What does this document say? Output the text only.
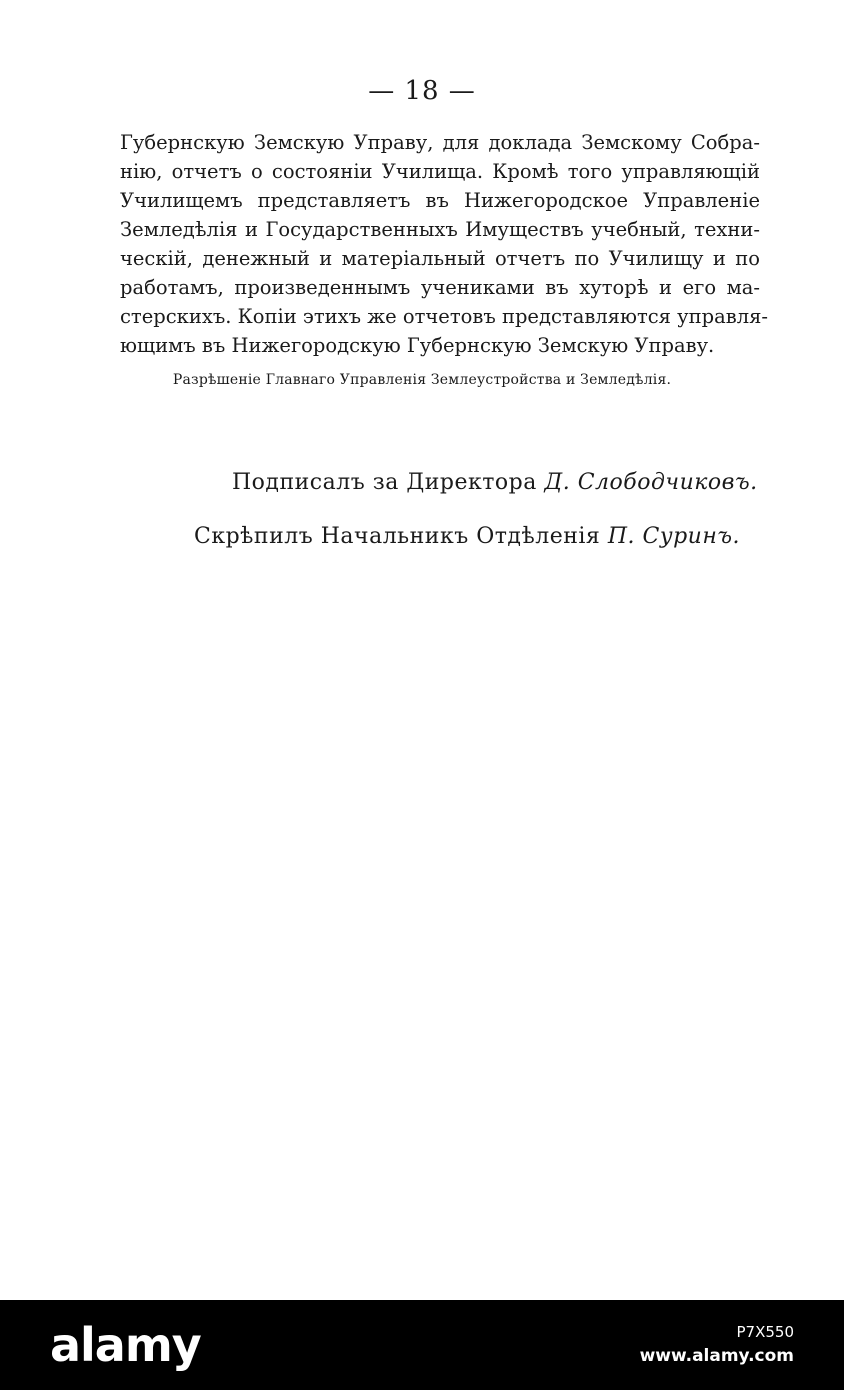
— 18 —
Губернскую Земскую Управу, для доклада Земскому Собра-
нію, отчетъ о состояніи Училища. Кромѣ того управляющій
Училищемъ представляетъ въ Нижегородское Управленіе
Земледѣлія и Государственныхъ Имуществъ учебный, техни-
ческій, денежный и матеріальный отчетъ по Училищу и по
работамъ, произведеннымъ учениками въ хуторѣ и его ма-
стерскихъ. Копіи этихъ же отчетовъ представляются управля-
ющимъ въ Нижегородскую Губернскую Земскую Управу.
Разрѣшеніе Главнаго Управленія Землеустройства и Земледѣлія.
Подписалъ за Директора Д. Слободчиковъ.
Скрѣпилъ Начальникъ Отдѣленія П. Суринъ.
alamy	P7X550
www.alamy.com
